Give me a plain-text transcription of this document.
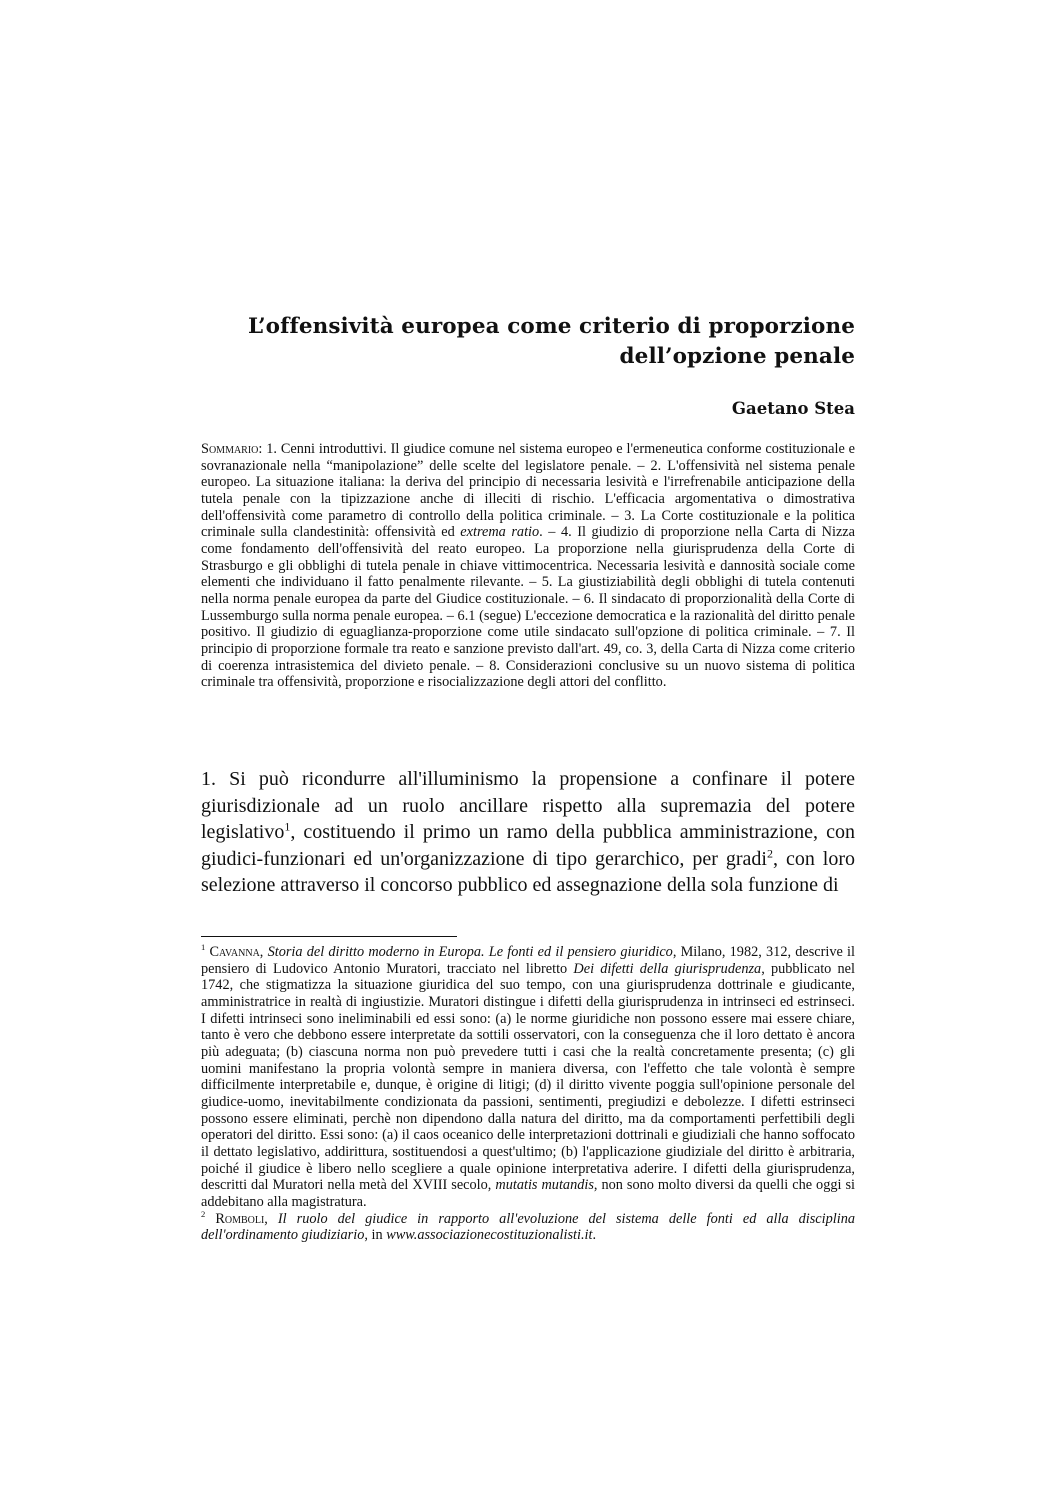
L’offensività europea come criterio di proporzione
dell’opzione penale
Gaetano Stea

Sommario: 1. Cenni introduttivi. Il giudice comune nel sistema europeo e l'ermeneutica conforme costituzionale e sovranazionale nella “manipolazione” delle scelte del legislatore penale. – 2. L'offensività nel sistema penale europeo. La situazione italiana: la deriva del principio di necessaria lesività e l'irrefrenabile anticipazione della tutela penale con la tipizzazione anche di illeciti di rischio. L'efficacia argomentativa o dimostrativa dell'offensività come parametro di controllo della politica criminale. – 3. La Corte costituzionale e la politica criminale sulla clandestinità: offensività ed extrema ratio. – 4. Il giudizio di proporzione nella Carta di Nizza come fondamento dell'offensività del reato europeo. La proporzione nella giurisprudenza della Corte di Strasburgo e gli obblighi di tutela penale in chiave vittimocentrica. Necessaria lesività e dannosità sociale come elementi che individuano il fatto penalmente rilevante. – 5. La giustiziabilità degli obblighi di tutela contenuti nella norma penale europea da parte del Giudice costituzionale. – 6. Il sindacato di proporzionalità della Corte di Lussemburgo sulla norma penale europea. – 6.1 (segue) L'eccezione democratica e la razionalità del diritto penale positivo. Il giudizio di eguaglianza-proporzione come utile sindacato sull'opzione di politica criminale. – 7. Il principio di proporzione formale tra reato e sanzione previsto dall'art. 49, co. 3, della Carta di Nizza come criterio di coerenza intrasistemica del divieto penale. – 8. Considerazioni conclusive su un nuovo sistema di politica criminale tra offensività, proporzione e risocializzazione degli attori del conflitto.

1. Si può ricondurre all'illuminismo la propensione a confinare il potere giurisdizionale ad un ruolo ancillare rispetto alla supremazia del potere legislativo$^1$, costituendo il primo un ramo della pubblica amministrazione, con giudici-funzionari ed un'organizzazione di tipo gerarchico, per gradi$^2$, con loro selezione attraverso il concorso pubblico ed assegnazione della sola funzione di

$^1$ Cavanna, Storia del diritto moderno in Europa. Le fonti ed il pensiero giuridico, Milano, 1982, 312, descrive il pensiero di Ludovico Antonio Muratori, tracciato nel libretto Dei difetti della giurisprudenza, pubblicato nel 1742, che stigmatizza la situazione giuridica del suo tempo, con una giurisprudenza dottrinale e giudicante, amministratrice in realtà di ingiustizie. Muratori distingue i difetti della giurisprudenza in intrinseci ed estrinseci. I difetti intrinseci sono ineliminabili ed essi sono: (a) le norme giuridiche non possono essere mai essere chiare, tanto è vero che debbono essere interpretate da sottili osservatori, con la conseguenza che il loro dettato è ancora più adeguata; (b) ciascuna norma non può prevedere tutti i casi che la realtà concretamente presenta; (c) gli uomini manifestano la propria volontà sempre in maniera diversa, con l'effetto che tale volontà è sempre difficilmente interpretabile e, dunque, è origine di litigi; (d) il diritto vivente poggia sull'opinione personale del giudice-uomo, inevitabilmente condizionata da passioni, sentimenti, pregiudizi e debolezze. I difetti estrinseci possono essere eliminati, perchè non dipendono dalla natura del diritto, ma da comportamenti perfettibili degli operatori del diritto. Essi sono: (a) il caos oceanico delle interpretazioni dottrinali e giudiziali che hanno soffocato il dettato legislativo, addirittura, sostituendosi a quest'ultimo; (b) l'applicazione giudiziale del diritto è arbitraria, poiché il giudice è libero nello scegliere a quale opinione interpretativa aderire. I difetti della giurisprudenza, descritti dal Muratori nella metà del XVIII secolo, mutatis mutandis, non sono molto diversi da quelli che oggi si addebitano alla magistratura.

$^2$ Romboli, Il ruolo del giudice in rapporto all'evoluzione del sistema delle fonti ed alla disciplina dell'ordinamento giudiziario, in www.associazionecostituzionalisti.it.
